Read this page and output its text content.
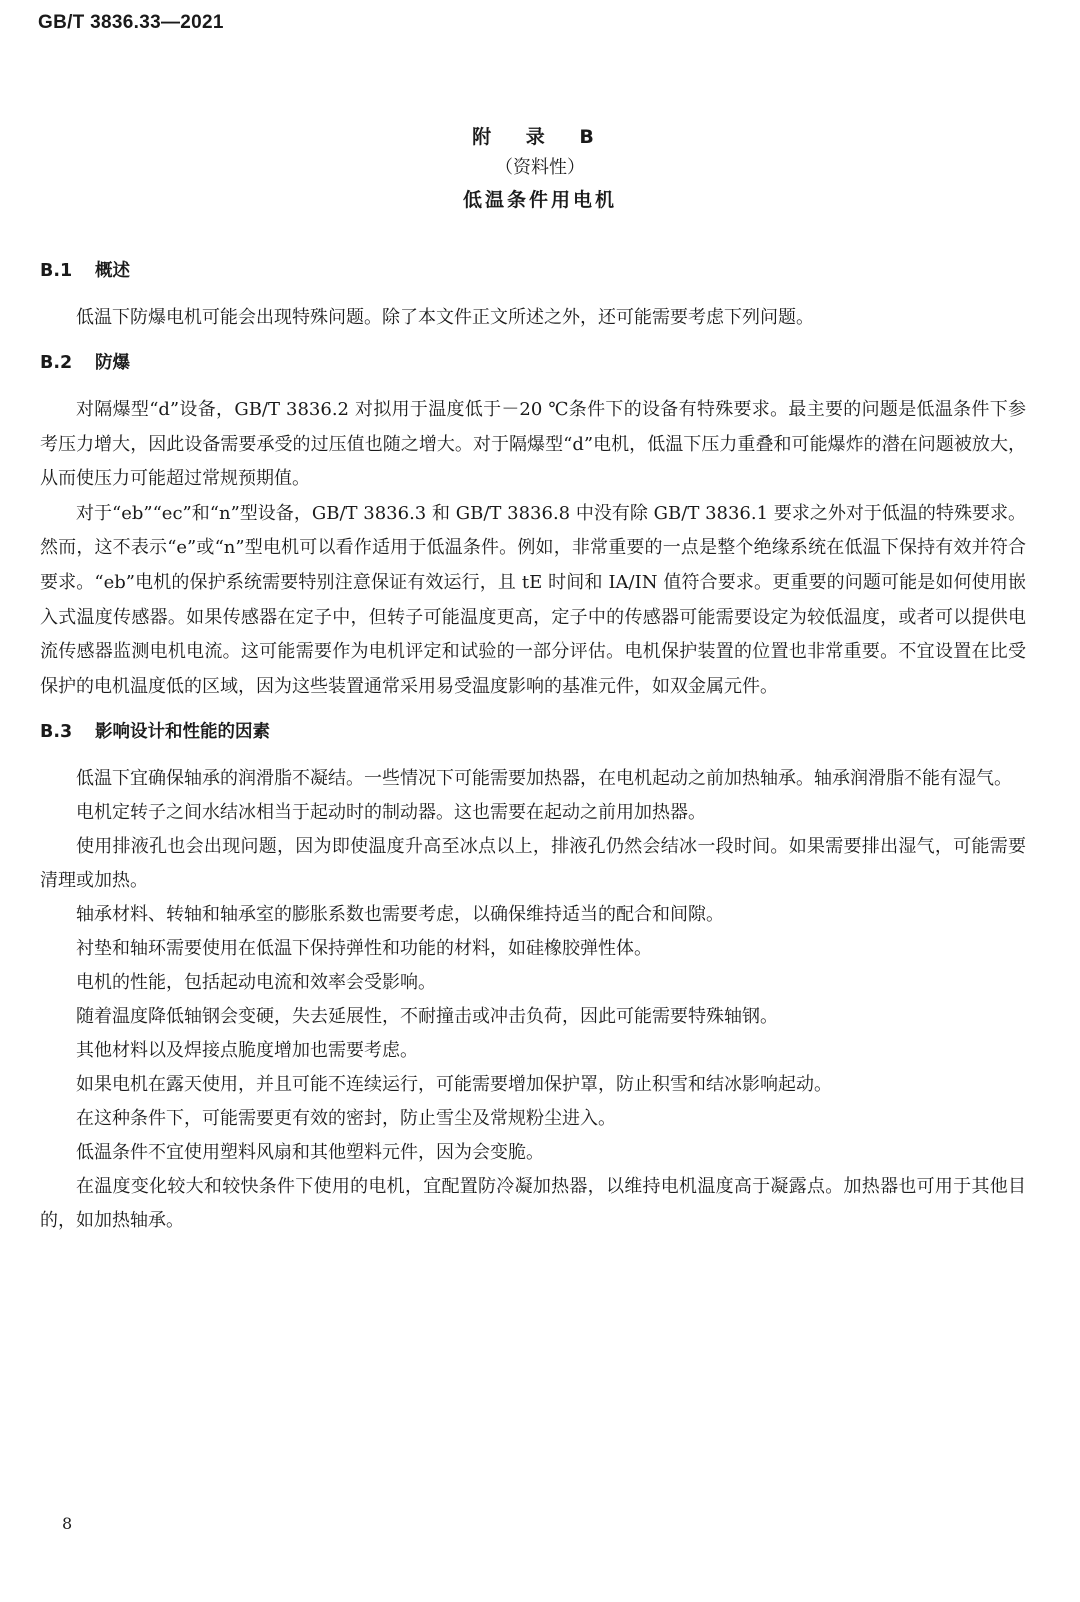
GB/T 3836.33—2021
附 录 B
（资料性）
低温条件用电机
B.1 概述

低温下防爆电机可能会出现特殊问题。除了本文件正文所述之外，还可能需要考虑下列问题。

B.2 防爆

对隔爆型“d”设备，GB/T 3836.2 对拟用于温度低于－20 ℃条件下的设备有特殊要求。最主要的问题是低温条件下参考压力增大，因此设备需要承受的过压值也随之增大。对于隔爆型“d”电机，低温下压力重叠和可能爆炸的潜在问题被放大，从而使压力可能超过常规预期值。

对于“eb”“ec”和“n”型设备，GB/T 3836.3 和 GB/T 3836.8 中没有除 GB/T 3836.1 要求之外对于低温的特殊要求。然而，这不表示“e”或“n”型电机可以看作适用于低温条件。例如，非常重要的一点是整个绝缘系统在低温下保持有效并符合要求。“eb”电机的保护系统需要特别注意保证有效运行，且 tE 时间和 IA/IN 值符合要求。更重要的问题可能是如何使用嵌入式温度传感器。如果传感器在定子中，但转子可能温度更高，定子中的传感器可能需要设定为较低温度，或者可以提供电流传感器监测电机电流。这可能需要作为电机评定和试验的一部分评估。电机保护装置的位置也非常重要。不宜设置在比受保护的电机温度低的区域，因为这些装置通常采用易受温度影响的基准元件，如双金属元件。

B.3 影响设计和性能的因素

低温下宜确保轴承的润滑脂不凝结。一些情况下可能需要加热器，在电机起动之前加热轴承。轴承润滑脂不能有湿气。

电机定转子之间水结冰相当于起动时的制动器。这也需要在起动之前用加热器。

使用排液孔也会出现问题，因为即使温度升高至冰点以上，排液孔仍然会结冰一段时间。如果需要排出湿气，可能需要清理或加热。

轴承材料、转轴和轴承室的膨胀系数也需要考虑，以确保维持适当的配合和间隙。

衬垫和轴环需要使用在低温下保持弹性和功能的材料，如硅橡胶弹性体。

电机的性能，包括起动电流和效率会受影响。

随着温度降低轴钢会变硬，失去延展性，不耐撞击或冲击负荷，因此可能需要特殊轴钢。

其他材料以及焊接点脆度增加也需要考虑。

如果电机在露天使用，并且可能不连续运行，可能需要增加保护罩，防止积雪和结冰影响起动。

在这种条件下，可能需要更有效的密封，防止雪尘及常规粉尘进入。

低温条件不宜使用塑料风扇和其他塑料元件，因为会变脆。

在温度变化较大和较快条件下使用的电机，宜配置防冷凝加热器，以维持电机温度高于凝露点。加热器也可用于其他目的，如加热轴承。

8
